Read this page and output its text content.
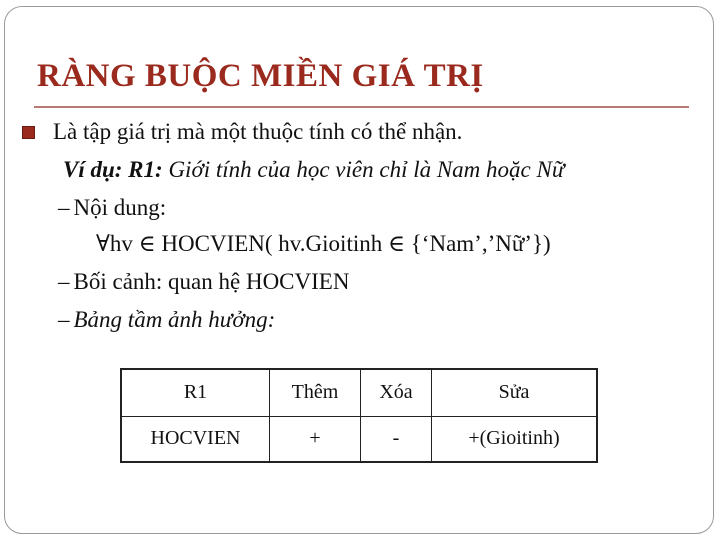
RÀNG BUỘC MIỀN GIÁ TRỊ
Là tập giá trị mà một thuộc tính có thể nhận.
Ví dụ: R1: Giới tính của học viên chỉ là Nam hoặc Nữ
– Nội dung:
∀hv ∈ HOCVIEN( hv.Gioitinh ∈ {‘Nam’,’Nữ’})
– Bối cảnh: quan hệ HOCVIEN
– Bảng tầm ảnh hưởng:
R1	Thêm	Xóa	Sửa
HOCVIEN	+	-	+(Gioitinh)
